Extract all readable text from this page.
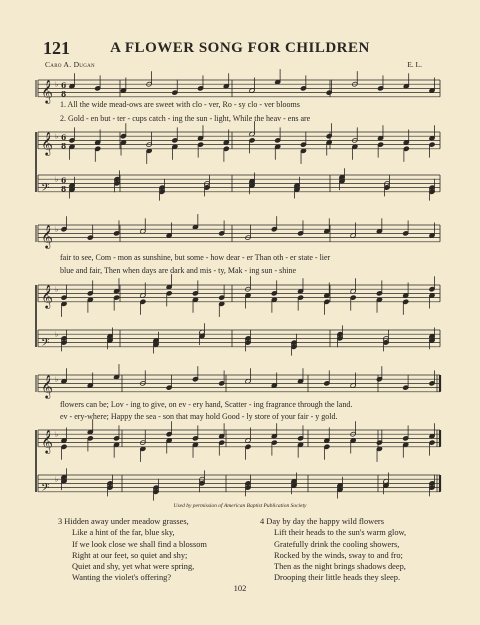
121	A FLOWER SONG FOR CHILDREN
Caro A. Dugan	E. L.
𝄞 ♭ 6
8
𝄞 ♭ 6
8
𝄢
♭ 6
8
𝄞 ♭
𝄞 ♭
𝄢
♭
𝄞 ♭
𝄞 ♭
𝄢
♭
1. All the wide mead-ows are sweet with clo - ver, Ro - sy clo - ver blooms
2. Gold - en but - ter - cups catch - ing the sun - light, While the heav - ens are
fair to see, Com - mon as sunshine, but some - how dear - er Than oth - er state - lier
blue and fair, Then when days are dark and mis - ty, Mak - ing sun - shine
flowers can be; Lov - ing to give, on ev - ery hand, Scatter - ing fragrance through the land.
ev - ery-where; Happy the sea - son that may hold Good - ly store of your fair - y gold.
Used by permission of American Baptist Publication Society
3 Hidden away under meadow grasses,
Like a hint of the far, blue sky,
If we look close we shall find a blossom
Right at our feet, so quiet and shy;
Quiet and shy, yet what were spring,
Wanting the violet's offering?
4 Day by day the happy wild flowers
Lift their heads to the sun's warm glow,
Gratefully drink the cooling showers,
Rocked by the winds, sway to and fro;
Then as the night brings shadows deep,
Drooping their little heads they sleep.
102
